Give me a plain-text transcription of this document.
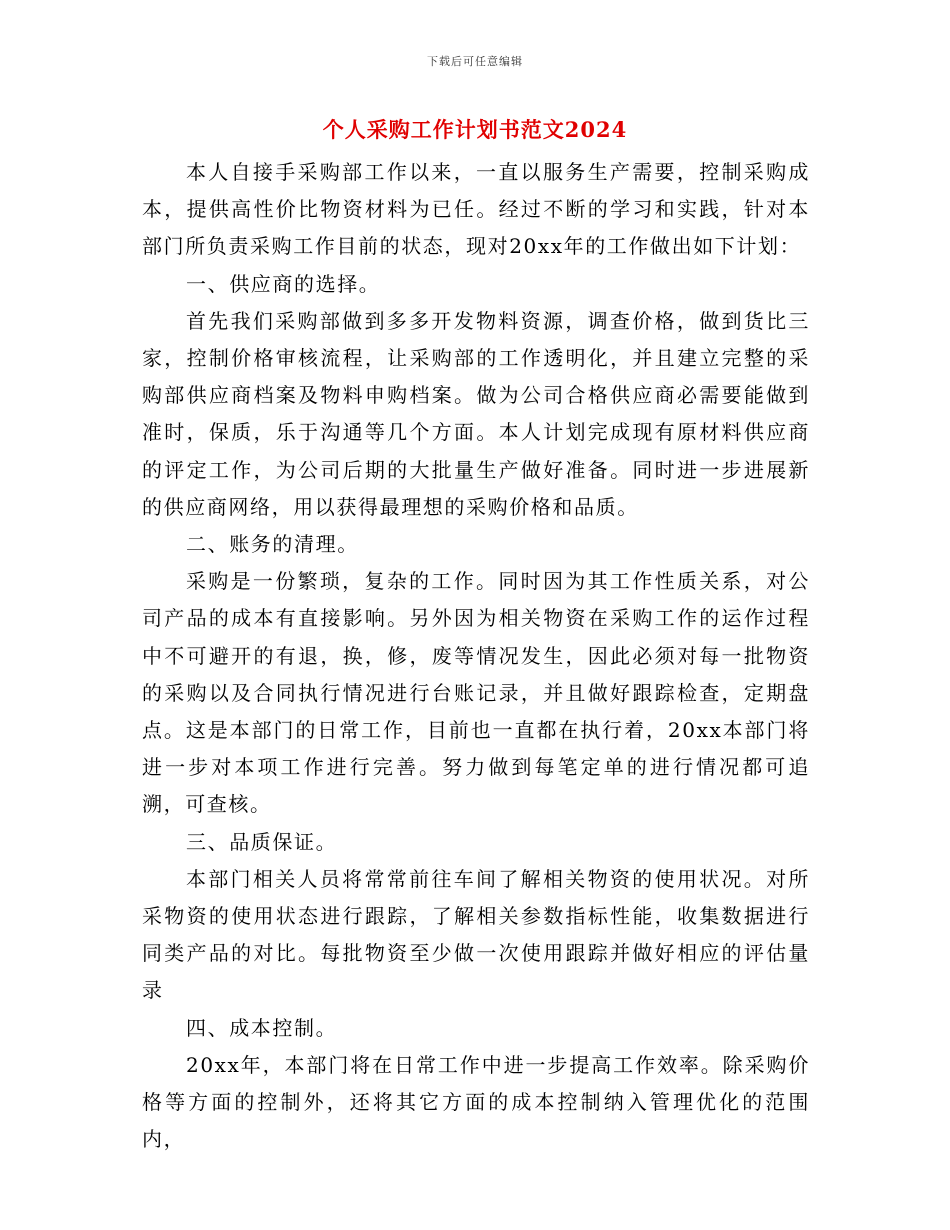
下载后可任意编辑
个人采购工作计划书范文2024

本人自接手采购部工作以来，一直以服务生产需要，控制采购成本，提供高性价比物资材料为已任。经过不断的学习和实践，针对本部门所负责采购工作目前的状态，现对20xx年的工作做出如下计划：

一、供应商的选择。

首先我们采购部做到多多开发物料资源，调查价格，做到货比三家，控制价格审核流程，让采购部的工作透明化，并且建立完整的采购部供应商档案及物料申购档案。做为公司合格供应商必需要能做到准时，保质，乐于沟通等几个方面。本人计划完成现有原材料供应商的评定工作，为公司后期的大批量生产做好准备。同时进一步进展新的供应商网络，用以获得最理想的采购价格和品质。

二、账务的清理。

采购是一份繁琐，复杂的工作。同时因为其工作性质关系，对公司产品的成本有直接影响。另外因为相关物资在采购工作的运作过程中不可避开的有退，换，修，废等情况发生，因此必须对每一批物资的采购以及合同执行情况进行台账记录，并且做好跟踪检查，定期盘点。这是本部门的日常工作，目前也一直都在执行着，20xx本部门将进一步对本项工作进行完善。努力做到每笔定单的进行情况都可追溯，可查核。

三、品质保证。

本部门相关人员将常常前往车间了解相关物资的使用状况。对所采物资的使用状态进行跟踪，了解相关参数指标性能，收集数据进行同类产品的对比。每批物资至少做一次使用跟踪并做好相应的评估量录

四、成本控制。

20xx年，本部门将在日常工作中进一步提高工作效率。除采购价格等方面的控制外，还将其它方面的成本控制纳入管理优化的范围内，
